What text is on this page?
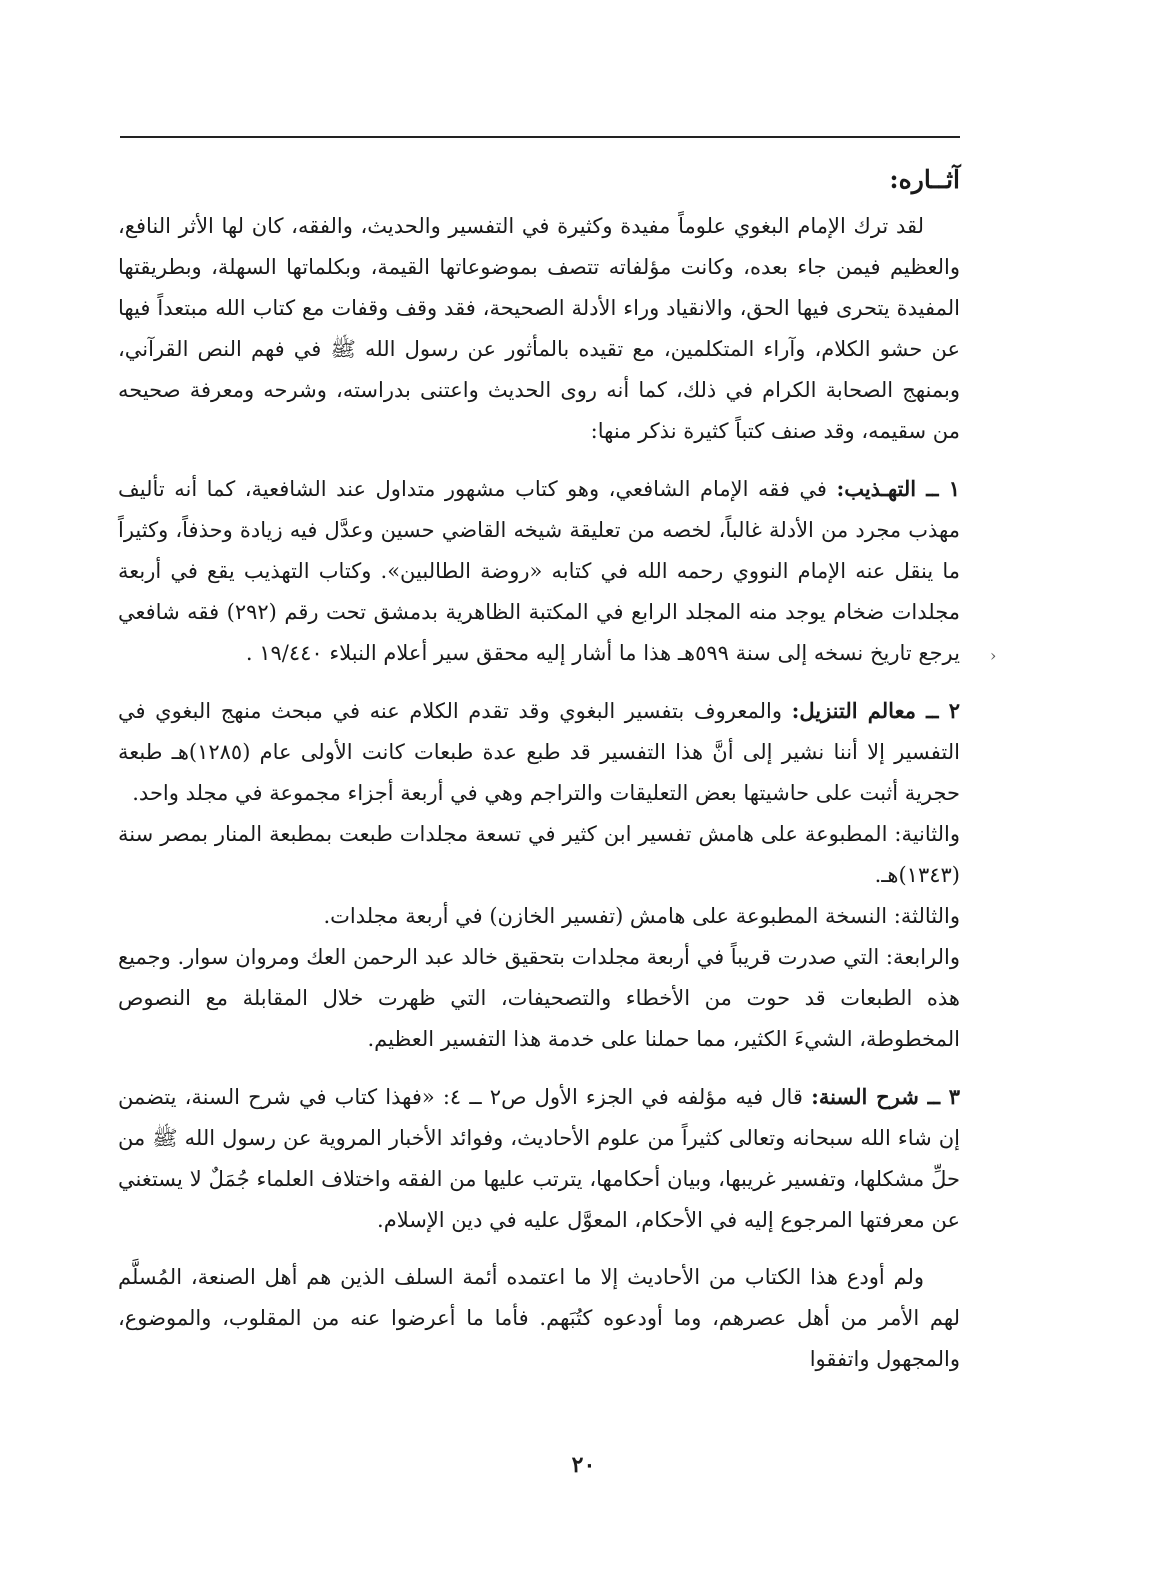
آثــاره:

لقد ترك الإمام البغوي علوماً مفيدة وكثيرة في التفسير والحديث، والفقه، كان لها الأثر النافع، والعظيم فيمن جاء بعده، وكانت مؤلفاته تتصف بموضوعاتها القيمة، وبكلماتها السهلة، وبطريقتها المفيدة يتحرى فيها الحق، والانقياد وراء الأدلة الصحيحة، فقد وقف وقفات مع كتاب الله مبتعداً فيها عن حشو الكلام، وآراء المتكلمين، مع تقيده بالمأثور عن رسول الله ﷺ في فهم النص القرآني، وبمنهج الصحابة الكرام في ذلك، كما أنه روى الحديث واعتنى بدراسته، وشرحه ومعرفة صحيحه من سقيمه، وقد صنف كتباً كثيرة نذكر منها:

١ ــ التهـذيب: في فقه الإمام الشافعي، وهو كتاب مشهور متداول عند الشافعية، كما أنه تأليف مهذب مجرد من الأدلة غالباً، لخصه من تعليقة شيخه القاضي حسين وعدَّل فيه زيادة وحذفاً، وكثيراً ما ينقل عنه الإمام النووي رحمه الله في كتابه «روضة الطالبين». وكتاب التهذيب يقع في أربعة مجلدات ضخام يوجد منه المجلد الرابع في المكتبة الظاهرية بدمشق تحت رقم (٢٩٢) فقه شافعي يرجع تاريخ نسخه إلى سنة ٥٩٩هـ هذا ما أشار إليه محقق سير أعلام النبلاء ١٩/٤٤٠ .

٢ ــ معالم التنزيل: والمعروف بتفسير البغوي وقد تقدم الكلام عنه في مبحث منهج البغوي في التفسير إلا أننا نشير إلى أنَّ هذا التفسير قد طبع عدة طبعات كانت الأولى عام (١٢٨٥)هـ طبعة حجرية أثبت على حاشيتها بعض التعليقات والتراجم وهي في أربعة أجزاء مجموعة في مجلد واحد.

والثانية: المطبوعة على هامش تفسير ابن كثير في تسعة مجلدات طبعت بمطبعة المنار بمصر سنة (١٣٤٣)هـ.

والثالثة: النسخة المطبوعة على هامش (تفسير الخازن) في أربعة مجلدات.

والرابعة: التي صدرت قريباً في أربعة مجلدات بتحقيق خالد عبد الرحمن العك ومروان سوار. وجميع هذه الطبعات قد حوت من الأخطاء والتصحيفات، التي ظهرت خلال المقابلة مع النصوص المخطوطة، الشيءَ الكثير، مما حملنا على خدمة هذا التفسير العظيم.

٣ ــ شرح السنة: قال فيه مؤلفه في الجزء الأول ص٢ ــ ٤: «فهذا كتاب في شرح السنة، يتضمن إن شاء الله سبحانه وتعالى كثيراً من علوم الأحاديث، وفوائد الأخبار المروية عن رسول الله ﷺ من حلِّ مشكلها، وتفسير غريبها، وبيان أحكامها، يترتب عليها من الفقه واختلاف العلماء جُمَلٌ لا يستغني عن معرفتها المرجوع إليه في الأحكام، المعوَّل عليه في دين الإسلام.

ولم أودع هذا الكتاب من الأحاديث إلا ما اعتمده أئمة السلف الذين هم أهل الصنعة، المُسلَّم لهم الأمر من أهل عصرهم، وما أودعوه كتُبَهم. فأما ما أعرضوا عنه من المقلوب، والموضوع، والمجهول واتفقوا

›
٢٠
